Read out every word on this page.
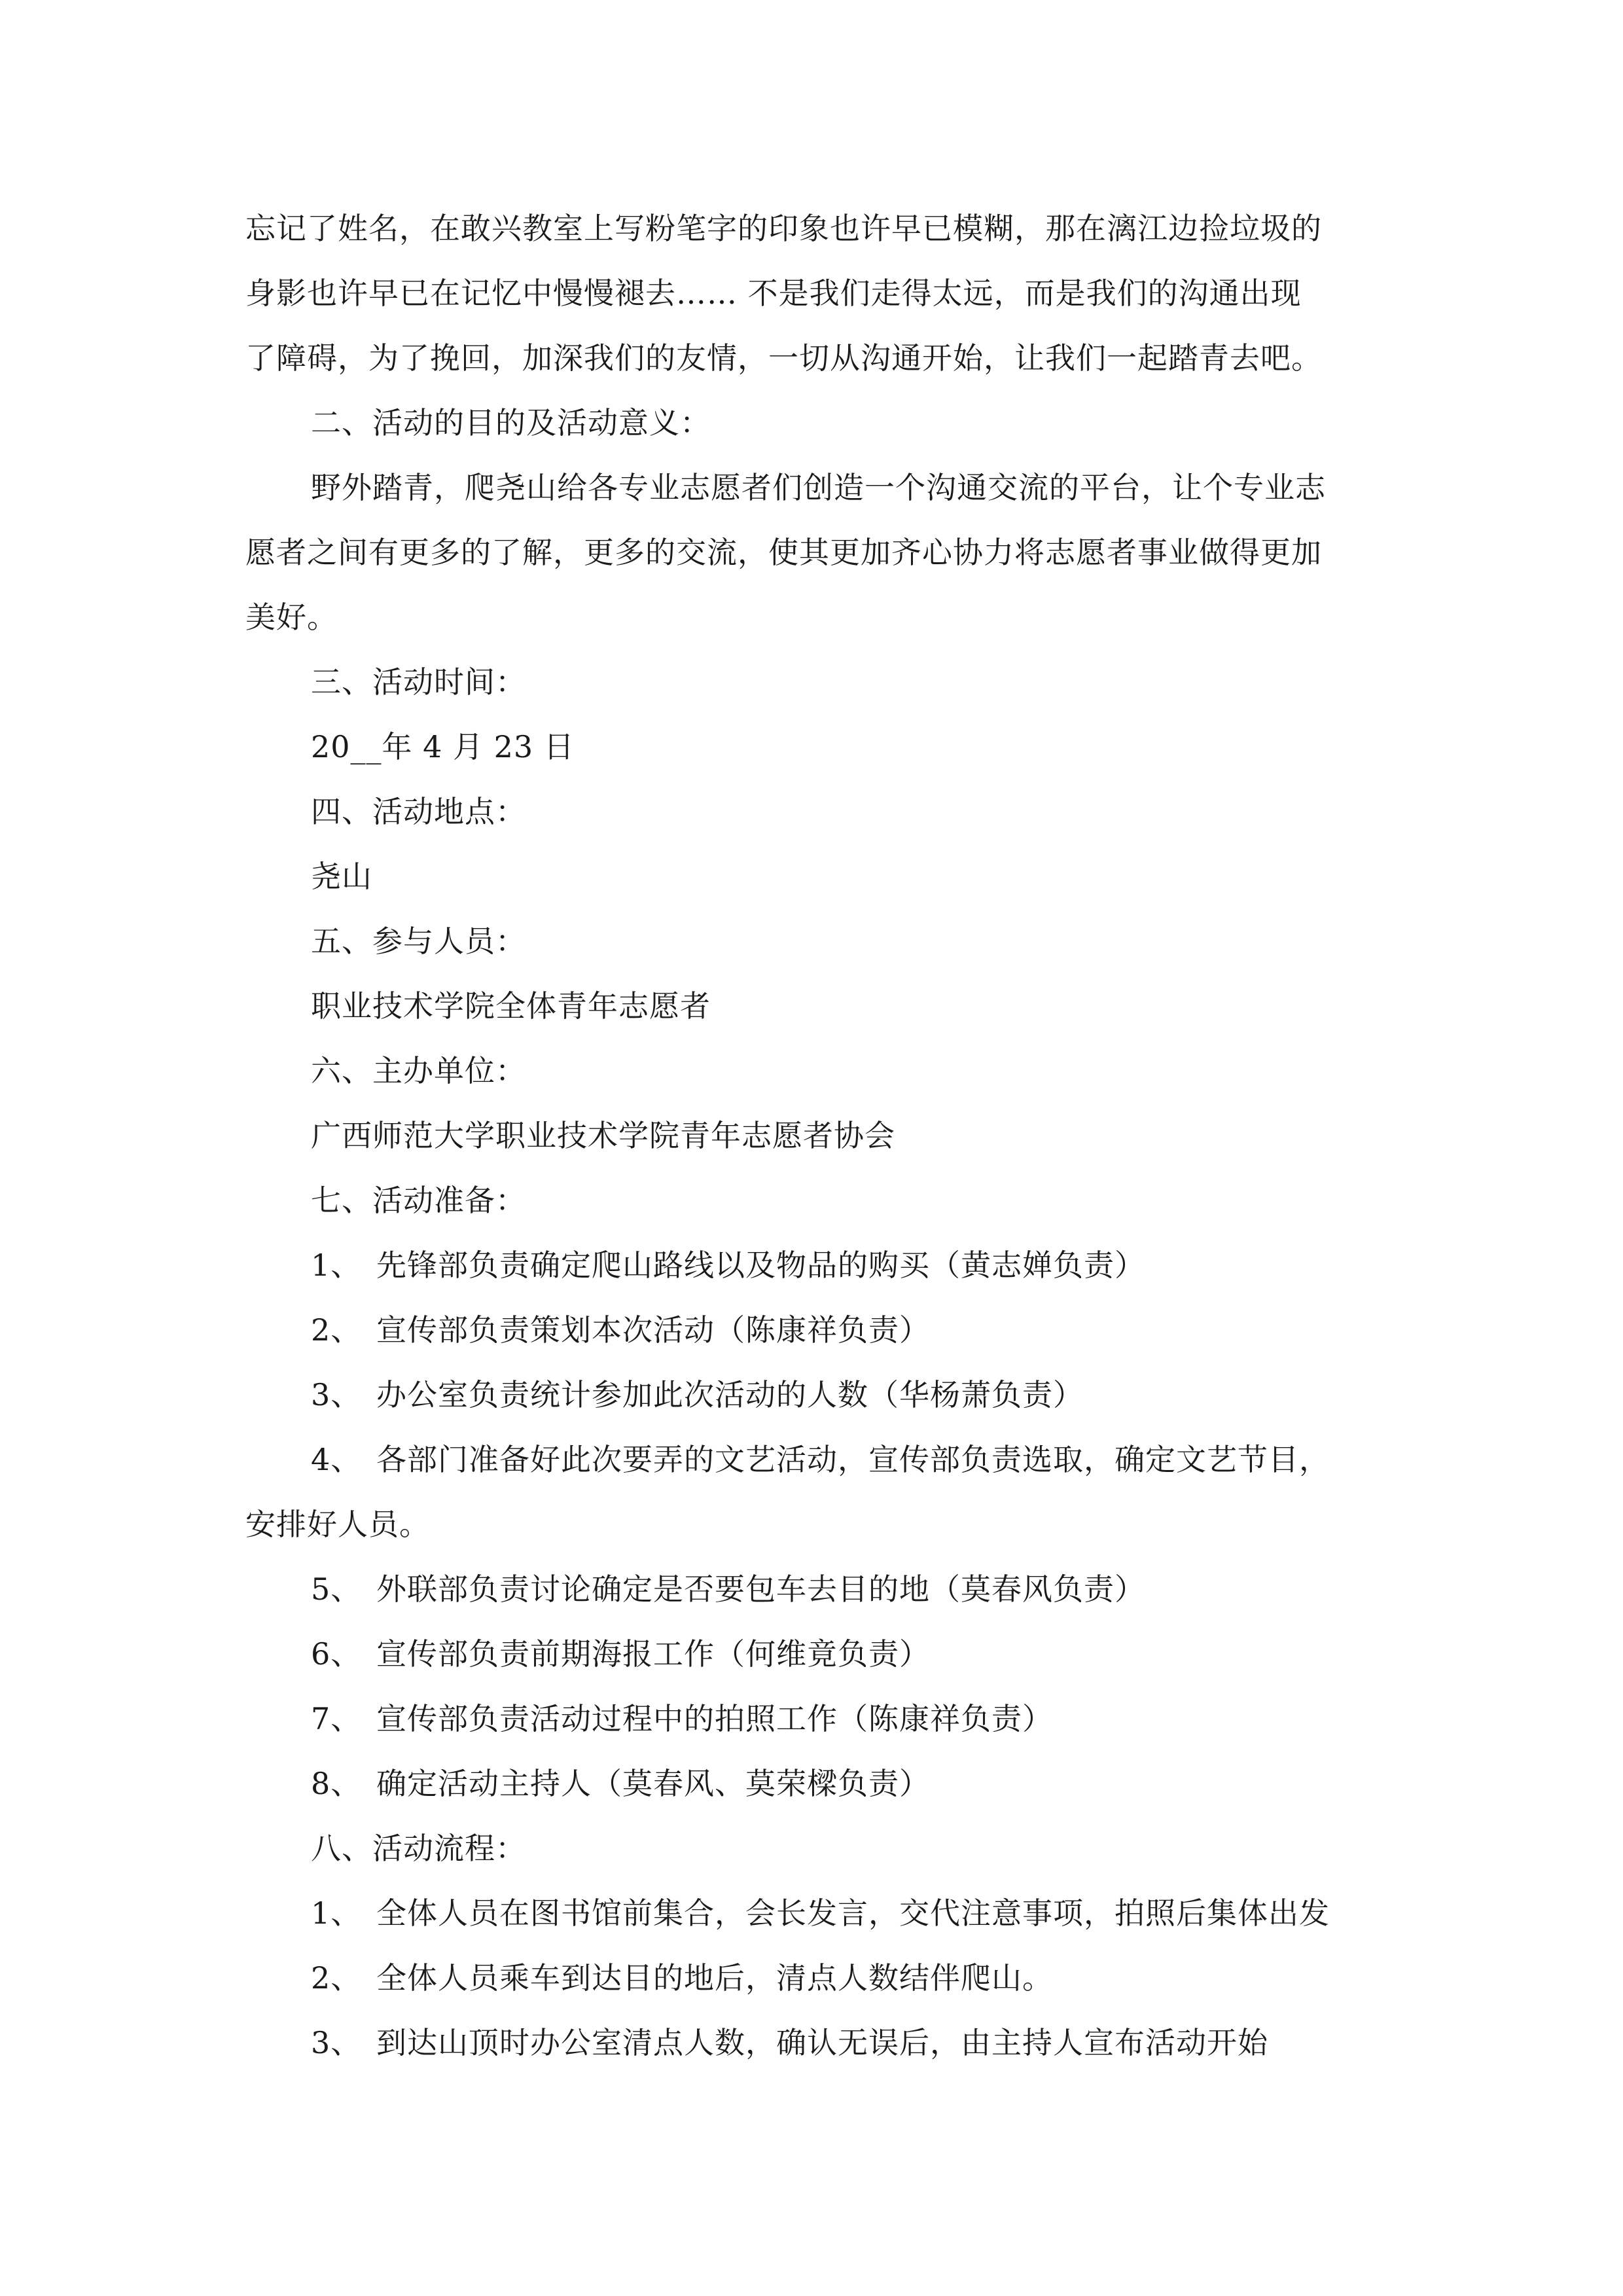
忘记了姓名，在敢兴教室上写粉笔字的印象也许早已模糊，那在漓江边捡垃圾的
身影也许早已在记忆中慢慢褪去…… 不是我们走得太远，而是我们的沟通出现
了障碍，为了挽回，加深我们的友情，一切从沟通开始，让我们一起踏青去吧。
二、活动的目的及活动意义：
野外踏青，爬尧山给各专业志愿者们创造一个沟通交流的平台，让个专业志
愿者之间有更多的了解，更多的交流，使其更加齐心协力将志愿者事业做得更加
美好。
三、活动时间：
20__年 4 月 23 日
四、活动地点：
尧山
五、参与人员：
职业技术学院全体青年志愿者
六、主办单位：
广西师范大学职业技术学院青年志愿者协会
七、活动准备：
1、 先锋部负责确定爬山路线以及物品的购买（黄志婵负责）
2、 宣传部负责策划本次活动（陈康祥负责）
3、 办公室负责统计参加此次活动的人数（华杨萧负责）
4、 各部门准备好此次要弄的文艺活动，宣传部负责选取，确定文艺节目，
安排好人员。
5、 外联部负责讨论确定是否要包车去目的地（莫春风负责）
6、 宣传部负责前期海报工作（何维竟负责）
7、 宣传部负责活动过程中的拍照工作（陈康祥负责）
8、 确定活动主持人（莫春风、莫荣樑负责）
八、活动流程：
1、 全体人员在图书馆前集合，会长发言，交代注意事项，拍照后集体出发
2、 全体人员乘车到达目的地后，清点人数结伴爬山。
3、 到达山顶时办公室清点人数，确认无误后，由主持人宣布活动开始
